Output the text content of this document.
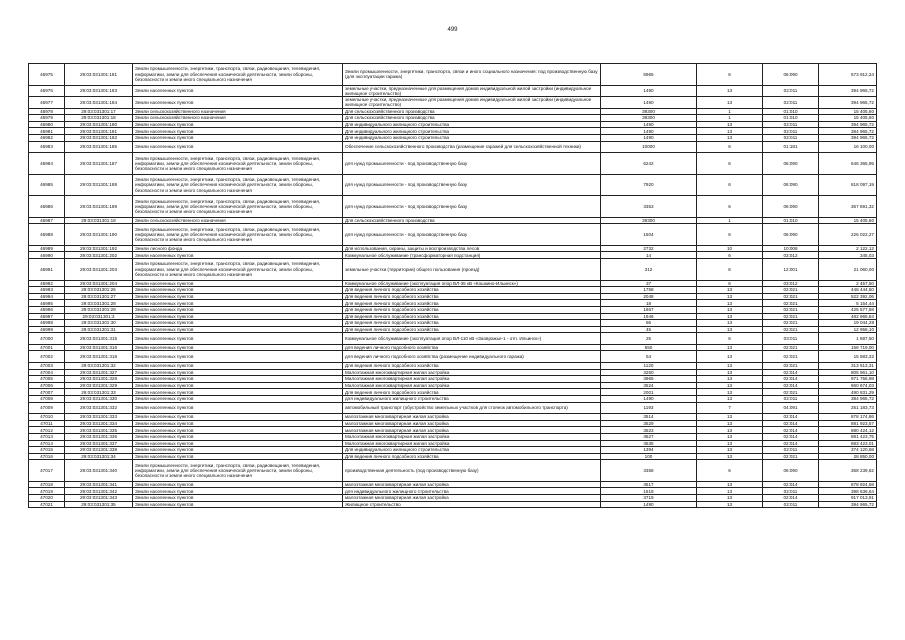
499
46975	29:03:031301:181	Земли промышленности, энергетики, транспорта, связи, радиовещания, телевидения, информатики, земли для обеспечения космической деятельности, земли обороны, безопасности и земли иного специального назначения	Земли промышленности, энергетики, транспорта, связи и иного социального назначения: под производственную базу (для эксплуатации гаража)	5965	6	06:090	573 912,24
46976	29:03:031301:183	Земли населенных пунктов	земельные участки, предназначенные для размещения домов индивидуальной жилой застройки (индивидуальное жилищное строительство)	1490	13	02:011	394 965,72
46977	29:03:031301:184	Земли населенных пунктов	земельные участки, предназначенные для размещения домов индивидуальной жилой застройки (индивидуальное жилищное строительство)	1490	13	02:011	394 965,72
46978	29:03:031301:17	Земли сельскохозяйственного назначения	Для сельскохозяйственного производства	39300	1	01:010	15 405,60
46979	29:03:031301:18	Земли сельскохозяйственного назначения	Для сельскохозяйственного производства	39300	1	01:010	15 405,60
46980	29:03:031301:180	Земли населенных пунктов	Для индивидуального жилищного строительства	1490	13	02:011	394 965,72
46981	29:03:031301:181	Земли населенных пунктов	Для индивидуального жилищного строительства	1490	13	02:011	384 965,72
46982	29:03:031301:182	Земли населенных пунктов	Для индивидуального жилищного строительства	1490	13	02:011	394 965,72
46983	29:03:031301:185	Земли населенных пунктов	Обеспечение сельскохозяйственного производства (размещение гаражей для сельскохозяйственной техники)	10000	6	01:181	16 100,00
46984	29:03:031301:187	Земли промышленности, энергетики, транспорта, связи, радиовещания, телевидения, информатики, земли для обеспечения космической деятельности, земли обороны, безопасности и земли иного специального назначения	для нужд промышленности - под производственную базу	6242	6	06:090	646 365,95
46985	29:03:031301:188	Земли промышленности, энергетики, транспорта, связи, радиовещания, телевидения, информатики, земли для обеспечения космической деятельности, земли обороны, безопасности и земли иного специального назначения	для нужд промышленности - под производственную базу	7920	6	06:090	818 097,19
46986	29:03:031301:189	Земли промышленности, энергетики, транспорта, связи, радиовещания, телевидения, информатики, земли для обеспечения космической деятельности, земли обороны, безопасности и земли иного специального назначения	для нужд промышленности - под производственную базу	3353	6	06:090	367 691,32
46987	29:03:031301:19	Земли сельскохозяйственного назначения	Для сельскохозяйственного производства	39300	1	01:010	15 405,60
46988	29:03:031301:190	Земли промышленности, энергетики, транспорта, связи, радиовещания, телевидения, информатики, земли для обеспечения космической деятельности, земли обороны, безопасности и земли иного специального назначения	для нужд промышленности - под производственную базу	1504	6	06:090	226 022,27
46989	29:03:031301:192	Земли лесного фонда	Для использования, охраны, защиты и воспроизводства лесов	2732	10	10:006	2 122,12
46990	29:03:031301:202	Земли населенных пунктов	Коммунальное обслуживание (трансформаторная подстанция)	14	6	03:012	345,03
46991	29:03:031301:203	Земли промышленности, энергетики, транспорта, связи, радиовещания, телевидения, информатики, земли для обеспечения космической деятельности, земли обороны, безопасности и земли иного специального назначения	земельные участки (территории) общего пользования (проезд)	312	6	12:001	21 060,00
46992	29:03:031301:204	Земли населенных пунктов	Коммунальное обслуживание (эксплуатация опор ВЛ-35 кВ «Кошкино-Ильинск»)	37	6	03:012	2 457,50
46993	29:03:031301:26	Земли населенных пунктов	Для ведения личного подсобного хозяйства	1758	13	02:021	448 444,50
46994	29:03:031301:27	Земли населенных пунктов	Для ведения личного подсобного хозяйства	2048	13	02:021	522 392,06
46995	29:03:031301:28	Земли населенных пунктов	Для ведения личного подсобного хозяйства	18	13	02:021	5 154,44
46996	29:03:031301:29	Земли населенных пунктов	Для ведения личного подсобного хозяйства	1667	13	02:021	425 577,58
46997	29:03:031301:3	Земли населенных пунктов	Для ведения личного подсобного хозяйства	1946	13	02:021	482 965,84
46998	29:03:031301:30	Земли населенных пунктов	Для ведения личного подсобного хозяйства	66	13	02:021	19 044,28
46999	29:03:031301:31	Земли населенных пунктов	Для ведения личного подсобного хозяйства	45	13	02:021	12 956,10
47000	29:03:031301:315	Земли населенных пунктов	Коммунальное обслуживание (эксплуатация опор ВЛ-110 кВ «Заовражье-1 - отп. Ильинск»)	25	6	03:011	1 687,50
47001	29:03:031301:316	Земли населенных пунктов	для ведения личного подсобного хозяйства	550	13	02:021	158 719,00
47002	29:03:031301:318	Земли населенных пунктов	для ведения личного подсобного хозяйства (размещение индивидуального гаража)	54	13	02:021	15 583,32
47003	29:03:031301:32	Земли населенных пунктов	Для ведения личного подсобного хозяйства	1120	13	02:021	313 513,31
47004	29:03:031301:327	Земли населенных пунктов	Малоэтажная многоквартирная жилая застройка	3260	13	02:014	805 961,10
47005	29:03:031301:328	Земли населенных пунктов	Малоэтажная многоквартирная жилая застройка	3965	13	02:014	971 756,98
47006	29:03:031301:329	Земли населенных пунктов	Малоэтажная многоквартирная жилая застройка	3524	13	02:014	860 674,03
47007	29:03:031301:33	Земли населенных пунктов	Для ведения личного подсобного хозяйства	2001	13	02:021	490 831,29
47008	29:03:031301:330	Земли населенных пунктов	для индивидуального жилищного строительства	1490	13	02:011	384 965,72
47009	29:03:031301:332	Земли населенных пунктов	автомобильный транспорт (обустройство земельных участков для стоянок автомобильного транспорта)	1193	7	04:091	251 183,73
47010	29:03:031301:333	Земли населенных пунктов	малоэтажная многоквартирная жилая застройка	3514	13	02:014	878 174,86
47011	29:03:031301:334	Земли населенных пунктов	малоэтажная многоквартирная жилая застройка	3529	13	02:014	881 923,57
47012	29:03:031301:335	Земли населенных пунктов	малоэтажная многоквартирная жилая застройка	3523	13	02:014	880 424,12
47013	29:03:031301:336	Земли населенных пунктов	Малоэтажная многоквартирная жилая застройка	3527	13	02:014	881 423,75
47014	29:03:031301:337	Земли населенных пунктов	Малоэтажная многоквартирная жилая застройка	3535	13	02:014	883 423,01
47015	29:03:031301:339	Земли населенных пунктов	Для индивидуального жилищного строительства	1394	13	02:011	374 120,68
47016	29:03:031301:34	Земли населенных пунктов	Для ведения личного подсобного хозяйства	100	13	02:021	28 850,00
47017	29:03:031301:340	Земли промышленности, энергетики, транспорта, связи, радиовещания, телевидения, информатики, земли для обеспечения космической деятельности, земли обороны, безопасности и земли иного специального назначения	производственная деятельность (под производственную базу)	3358	6	06:090	368 239,62
47018	29:03:031301:341	Земли населенных пунктов	малоэтажная многоквартирная жилая застройка	3517	13	02:014	878 924,58
47019	29:03:031301:342	Земли населенных пунктов	для индивидуального жилищного строительства	1518	13	02:011	398 636,64
47020	29:03:031301:343	Земли населенных пунктов	малоэтажная многоквартирная жилая застройка	3719	13	02:014	917 013,91
47021	29:03:031301:35	Земли населенных пунктов	Жилищное строительство	1490	13	02:011	394 965,72
